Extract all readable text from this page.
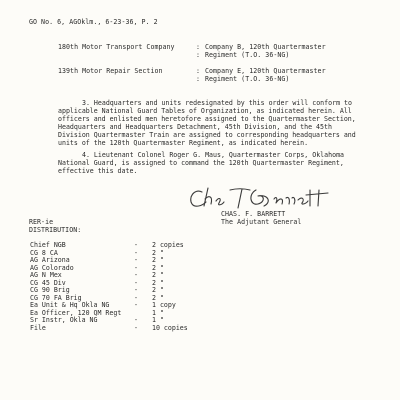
GO No. 6, AGOklm., 6-23-36, P. 2
180th Motor Transport Company	: Company B, 120th Quartermaster
: Regiment (T.O. 36-NG)
139th Motor Repair Section	: Company E, 120th Quartermaster
: Regiment (T.O. 36-NG)

3. Headquarters and units redesignated by this order will conform to applicable National Guard Tables of Organization, as indicated herein. All officers and enlisted men heretofore assigned to the Quartermaster Section, Headquarters and Headquarters Detachment, 45th Division, and the 45th Division Quartermaster Train are assigned to corresponding headquarters and units of the 120th Quartermaster Regiment, as indicated herein.

4. Lieutenant Colonel Roger G. Maus, Quartermaster Corps, Oklahoma National Guard, is assigned to command the 120th Quartermaster Regiment, effective this date.

CHAS. F. BARRETT
The Adjutant General
RER-ie
DISTRIBUTION:
Chief NGB	- 2 copies
CG 8 CA	- 2 "
AG Arizona	- 2 "
AG Colorado	- 2 "
AG N Mex	- 2 "
CG 45 Div	- 2 "
CG 90 Brig	- 2 "
CG 70 FA Brig	- 2 "
Ea Unit & Hq Okla NG	- 1 copy
Ea Officer, 120 QM Regt	1 "
Sr Instr, Okla NG	- 1 "
File	- 10 copies
